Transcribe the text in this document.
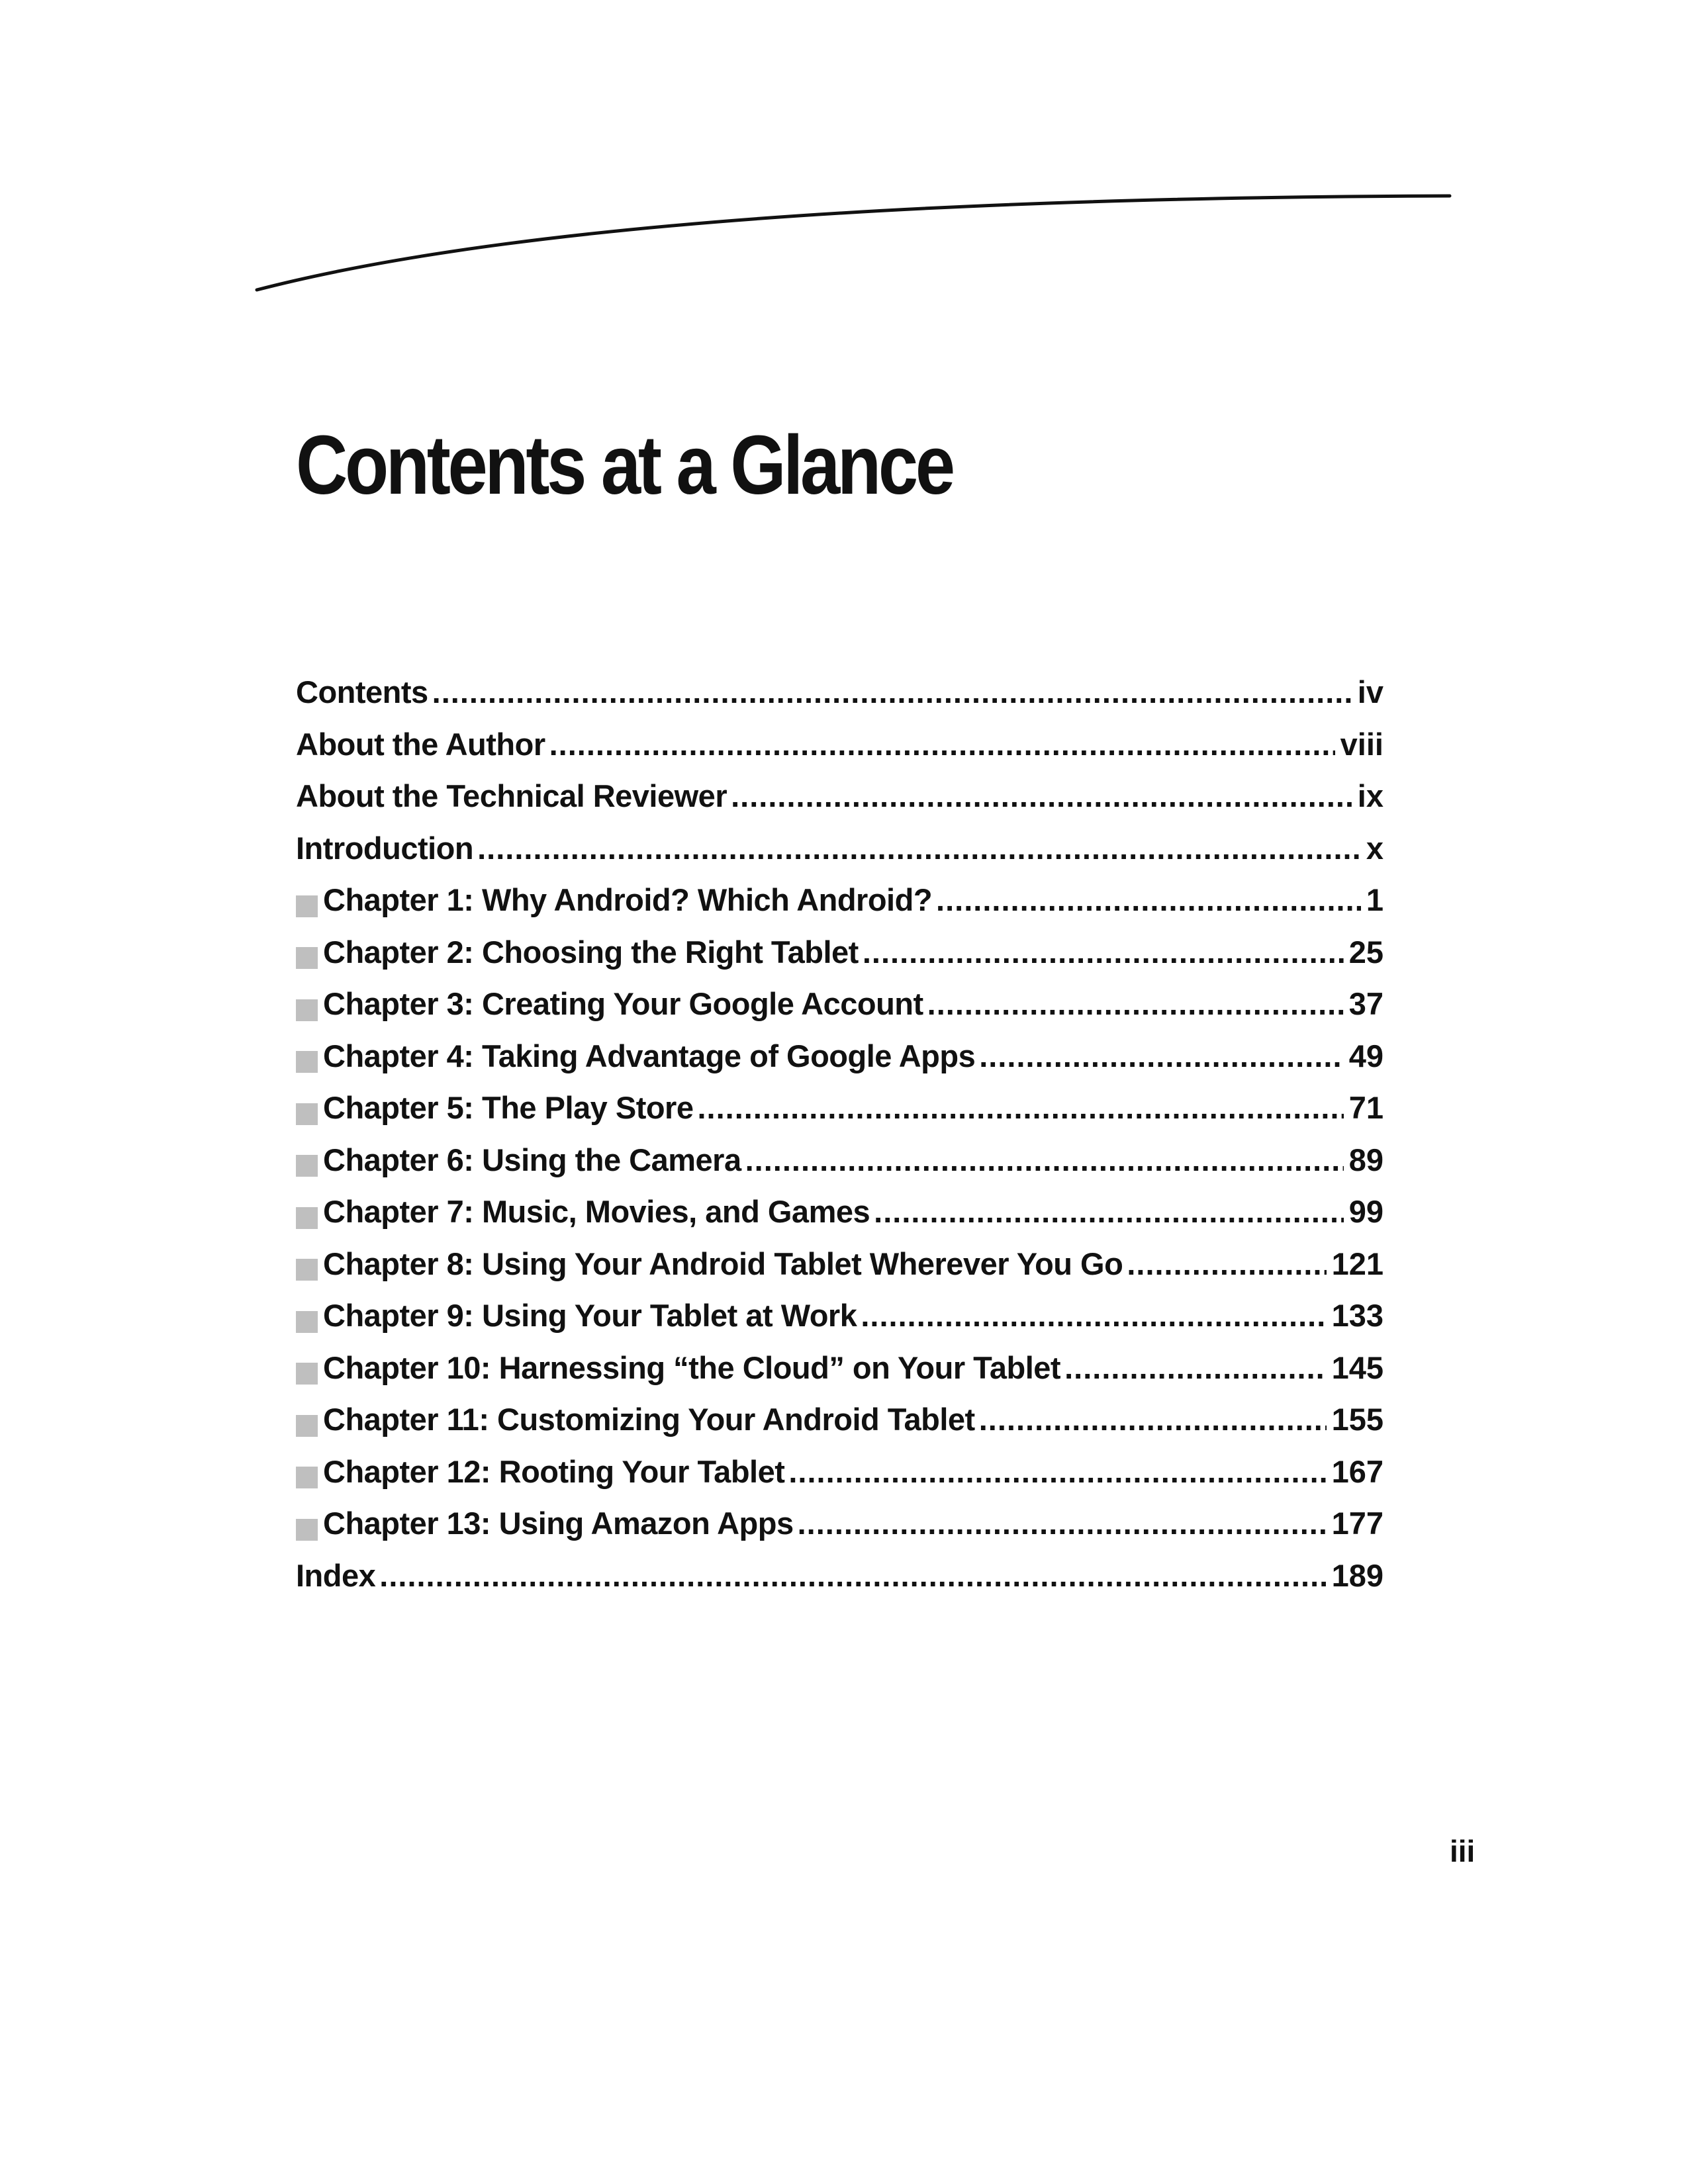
Contents at a Glance
Contents .....	iv
About the Author .....	viii
About the Technical Reviewer .....	ix
Introduction .....	x
Chapter 1: Why Android? Which Android? .....	1
Chapter 2: Choosing the Right Tablet .....	25
Chapter 3: Creating Your Google Account .....	37
Chapter 4: Taking Advantage of Google Apps .....	49
Chapter 5: The Play Store .....	71
Chapter 6: Using the Camera .....	89
Chapter 7: Music, Movies, and Games .....	99
Chapter 8: Using Your Android Tablet Wherever You Go .....	121
Chapter 9: Using Your Tablet at Work .....	133
Chapter 10: Harnessing “the Cloud” on Your Tablet .....	145
Chapter 11: Customizing Your Android Tablet .....	155
Chapter 12: Rooting Your Tablet .....	167
Chapter 13: Using Amazon Apps .....	177
Index .....	189
iii
